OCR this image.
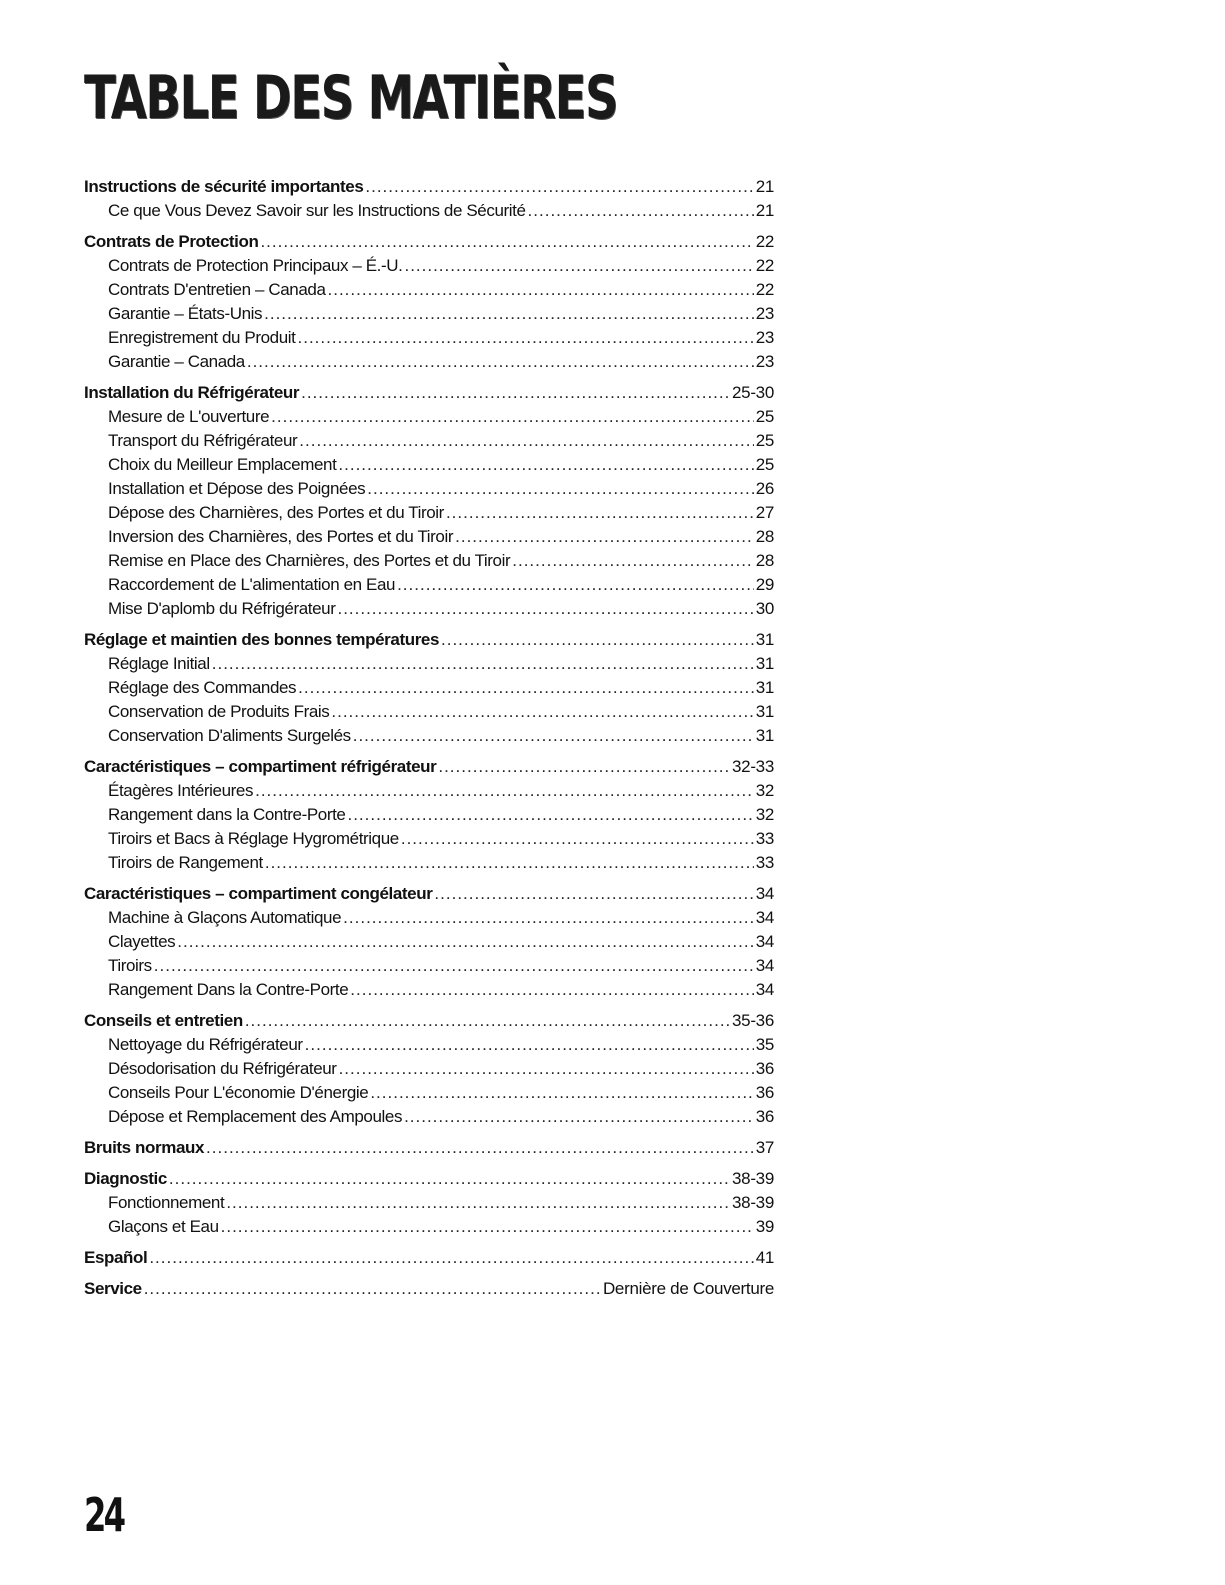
TABLE DES MATIÈRES
Instructions de sécurité importantes .....	21
Ce que Vous Devez Savoir sur les Instructions de Sécurité .....	21
Contrats de Protection .....	22
Contrats de Protection Principaux – É.-U. .....	22
Contrats D'entretien – Canada .....	22
Garantie – États-Unis .....	23
Enregistrement du Produit .....	23
Garantie – Canada .....	23
Installation du Réfrigérateur .....	25-30
Mesure de L'ouverture .....	25
Transport du Réfrigérateur .....	25
Choix du Meilleur Emplacement .....	25
Installation et Dépose des Poignées .....	26
Dépose des Charnières, des Portes et du Tiroir .....	27
Inversion des Charnières, des Portes et du Tiroir .....	28
Remise en Place des Charnières, des Portes et du Tiroir .....	28
Raccordement de L'alimentation en Eau .....	29
Mise D'aplomb du Réfrigérateur .....	30
Réglage et maintien des bonnes températures .....	31
Réglage Initial .....	31
Réglage des Commandes .....	31
Conservation de Produits Frais .....	31
Conservation D'aliments Surgelés .....	31
Caractéristiques – compartiment réfrigérateur .....	32-33
Étagères Intérieures .....	32
Rangement dans la Contre-Porte .....	32
Tiroirs et Bacs à Réglage Hygrométrique .....	33
Tiroirs de Rangement .....	33
Caractéristiques – compartiment congélateur .....	34
Machine à Glaçons Automatique .....	34
Clayettes .....	34
Tiroirs .....	34
Rangement Dans la Contre-Porte .....	34
Conseils et entretien .....	35-36
Nettoyage du Réfrigérateur .....	35
Désodorisation du Réfrigérateur .....	36
Conseils Pour L'économie D'énergie .....	36
Dépose et Remplacement des Ampoules .....	36
Bruits normaux .....	37
Diagnostic .....	38-39
Fonctionnement .....	38-39
Glaçons et Eau .....	39
Español .....	41
Service .....	Dernière de Couverture
24
